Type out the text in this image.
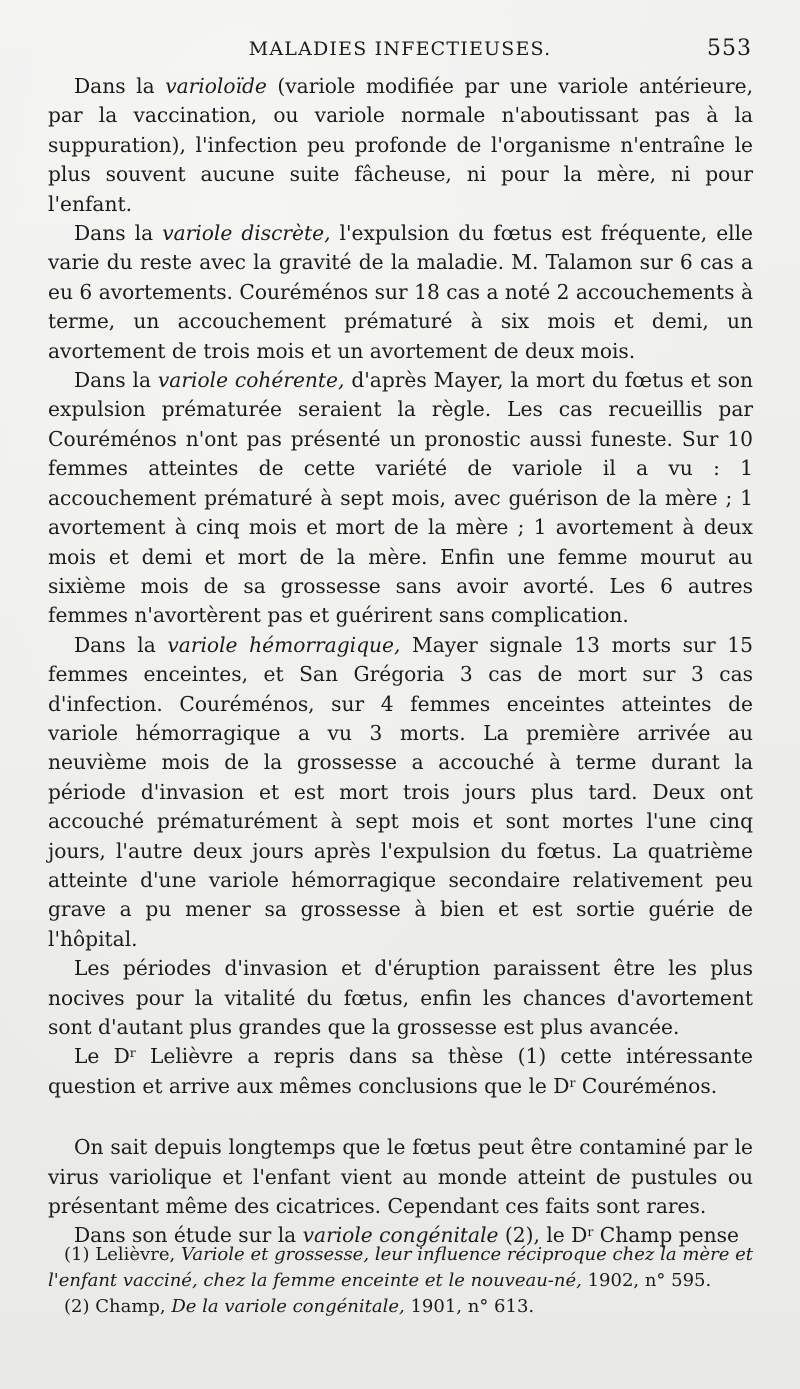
MALADIES INFECTIEUSES.	553

Dans la varioloïde (variole modifiée par une variole antérieure, par la vaccination, ou variole normale n'aboutissant pas à la suppuration), l'infection peu profonde de l'organisme n'entraîne le plus souvent aucune suite fâcheuse, ni pour la mère, ni pour l'enfant.

Dans la variole discrète, l'expulsion du fœtus est fréquente, elle varie du reste avec la gravité de la maladie. M. Talamon sur 6 cas a eu 6 avortements. Couréménos sur 18 cas a noté 2 accouchements à terme, un accouchement prématuré à six mois et demi, un avortement de trois mois et un avortement de deux mois.

Dans la variole cohérente, d'après Mayer, la mort du fœtus et son expulsion prématurée seraient la règle. Les cas recueillis par Couréménos n'ont pas présenté un pronostic aussi funeste. Sur 10 femmes atteintes de cette variété de variole il a vu : 1 accouchement prématuré à sept mois, avec guérison de la mère ; 1 avortement à cinq mois et mort de la mère ; 1 avortement à deux mois et demi et mort de la mère. Enfin une femme mourut au sixième mois de sa grossesse sans avoir avorté. Les 6 autres femmes n'avortèrent pas et guérirent sans complication.

Dans la variole hémorragique, Mayer signale 13 morts sur 15 femmes enceintes, et San Grégoria 3 cas de mort sur 3 cas d'infection. Couréménos, sur 4 femmes enceintes atteintes de variole hémorragique a vu 3 morts. La première arrivée au neuvième mois de la grossesse a accouché à terme durant la période d'invasion et est mort trois jours plus tard. Deux ont accouché prématurément à sept mois et sont mortes l'une cinq jours, l'autre deux jours après l'expulsion du fœtus. La quatrième atteinte d'une variole hémorragique secondaire relativement peu grave a pu mener sa grossesse à bien et est sortie guérie de l'hôpital.

Les périodes d'invasion et d'éruption paraissent être les plus nocives pour la vitalité du fœtus, enfin les chances d'avortement sont d'autant plus grandes que la grossesse est plus avancée.

Le $D^r$ Lelièvre a repris dans sa thèse (1) cette intéressante question et arrive aux mêmes conclusions que le $D^r$ Couréménos.

On sait depuis longtemps que le fœtus peut être contaminé par le virus variolique et l'enfant vient au monde atteint de pustules ou présentant même des cicatrices. Cependant ces faits sont rares.

Dans son étude sur la variole congénitale (2), le $D^r$ Champ pense

(1) Lelièvre, Variole et grossesse, leur influence réciproque chez la mère et l'enfant vacciné, chez la femme enceinte et le nouveau-né, 1902, n° 595.

(2) Champ, De la variole congénitale, 1901, n° 613.
